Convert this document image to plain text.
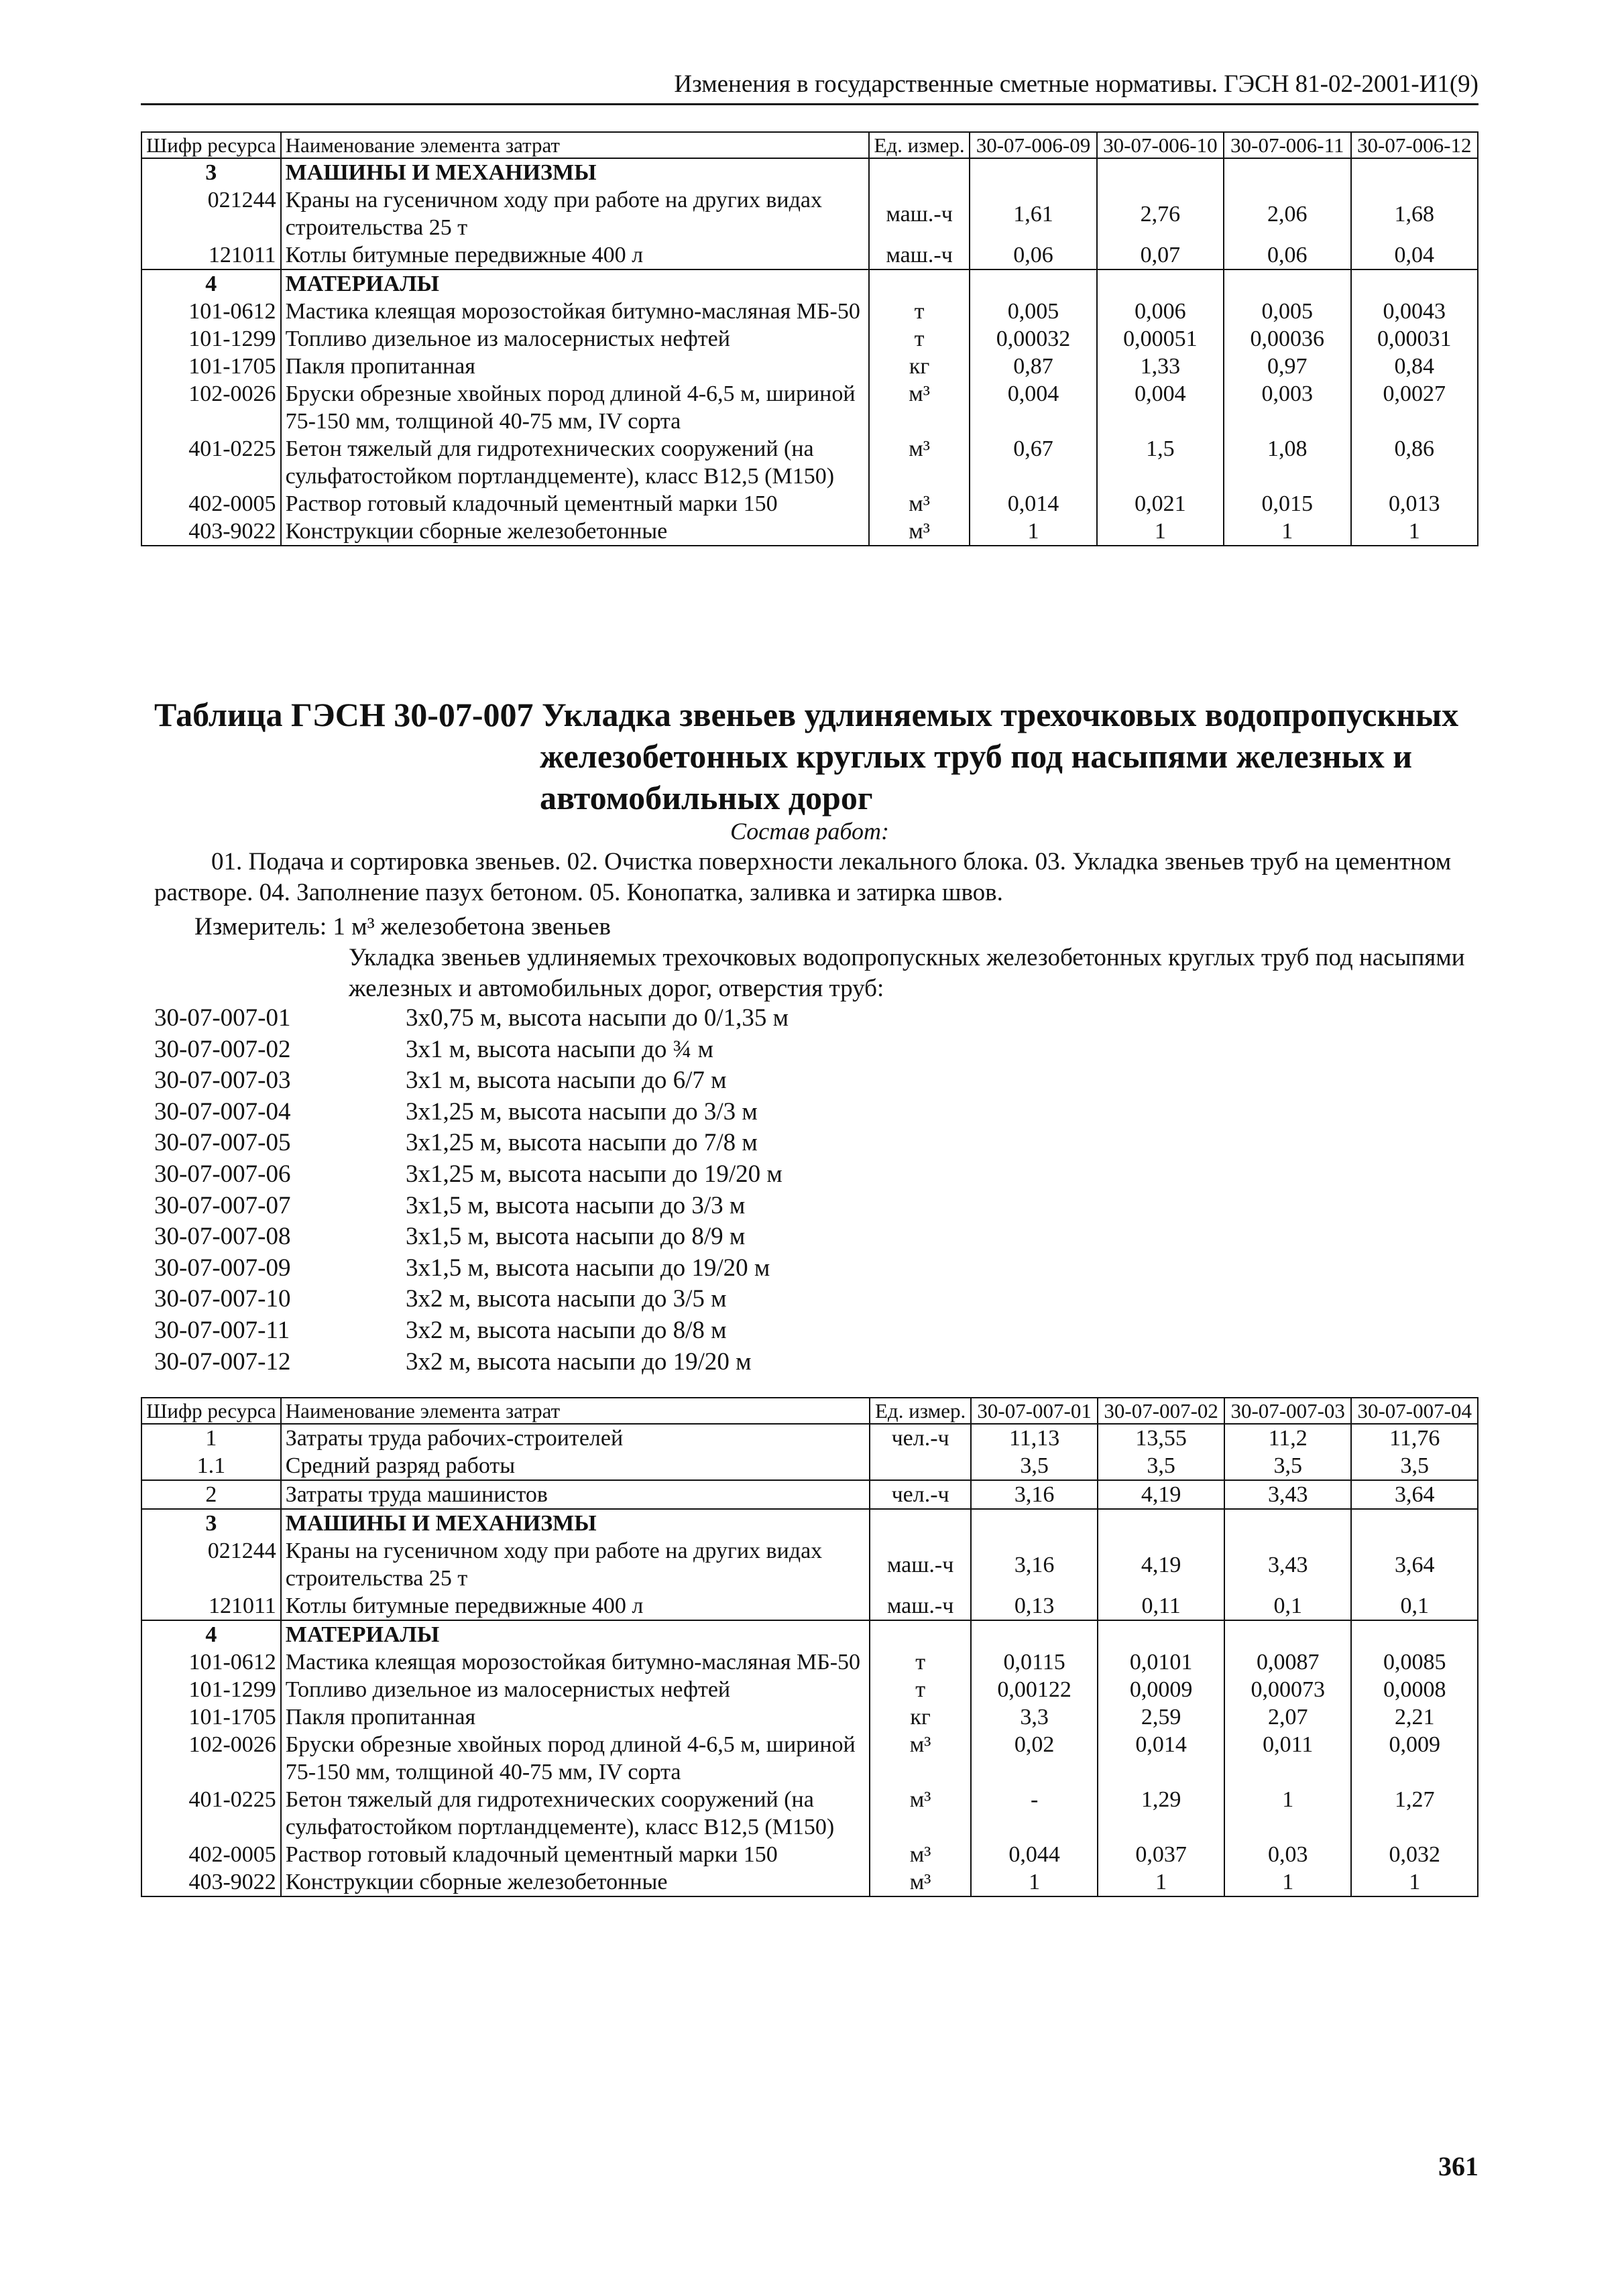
Изменения в государственные сметные нормативы. ГЭСН 81-02-2001-И1(9)
Шифр ресурса	Наименование элемента затрат	Ед. измер.	30-07-006-09	30-07-006-10	30-07-006-11	30-07-006-12
3	МАШИНЫ И МЕХАНИЗМЫ					
021244	Краны на гусеничном ходу при работе на других видах строительства 25 т	маш.-ч	1,61	2,76	2,06	1,68
121011	Котлы битумные передвижные 400 л	маш.-ч	0,06	0,07	0,06	0,04
4	МАТЕРИАЛЫ					
101-0612	Мастика клеящая морозостойкая битумно-масляная МБ-50	т	0,005	0,006	0,005	0,0043
101-1299	Топливо дизельное из малосернистых нефтей	т	0,00032	0,00051	0,00036	0,00031
101-1705	Пакля пропитанная	кг	0,87	1,33	0,97	0,84
102-0026	Бруски обрезные хвойных пород длиной 4-6,5 м, шириной 75-150 мм, толщиной 40-75 мм, IV сорта	м³	0,004	0,004	0,003	0,0027
401-0225	Бетон тяжелый для гидротехнических сооружений (на сульфатостойком портландцементе), класс В12,5 (М150)	м³	0,67	1,5	1,08	0,86
402-0005	Раствор готовый кладочный цементный марки 150	м³	0,014	0,021	0,015	0,013
403-9022	Конструкции сборные железобетонные	м³	1	1	1	1
Таблица ГЭСН 30-07-007 Укладка звеньев удлиняемых трехочковых водопропускных
железобетонных круглых труб под насыпями железных и автомобильных дорог
Состав работ:
01. Подача и сортировка звеньев. 02. Очистка поверхности лекального блока. 03. Укладка звеньев труб на цементном растворе. 04. Заполнение пазух бетоном. 05. Конопатка, заливка и затирка швов.
Измеритель: 1 м³ железобетона звеньев
Укладка звеньев удлиняемых трехочковых водопропускных железобетонных круглых труб под насыпями железных и автомобильных дорог, отверстия труб:
30-07-007-01	3х0,75 м, высота насыпи до 0/1,35 м
30-07-007-02	3х1 м, высота насыпи до ¾ м
30-07-007-03	3х1 м, высота насыпи до 6/7 м
30-07-007-04	3х1,25 м, высота насыпи до 3/3 м
30-07-007-05	3х1,25 м, высота насыпи до 7/8 м
30-07-007-06	3х1,25 м, высота насыпи до 19/20 м
30-07-007-07	3х1,5 м, высота насыпи до 3/3 м
30-07-007-08	3х1,5 м, высота насыпи до 8/9 м
30-07-007-09	3х1,5 м, высота насыпи до 19/20 м
30-07-007-10	3х2 м, высота насыпи до 3/5 м
30-07-007-11	3х2 м, высота насыпи до 8/8 м
30-07-007-12	3х2 м, высота насыпи до 19/20 м
Шифр ресурса	Наименование элемента затрат	Ед. измер.	30-07-007-01	30-07-007-02	30-07-007-03	30-07-007-04
1	Затраты труда рабочих-строителей	чел.-ч	11,13	13,55	11,2	11,76
1.1	Средний разряд работы		3,5	3,5	3,5	3,5
2	Затраты труда машинистов	чел.-ч	3,16	4,19	3,43	3,64
3	МАШИНЫ И МЕХАНИЗМЫ					
021244	Краны на гусеничном ходу при работе на других видах строительства 25 т	маш.-ч	3,16	4,19	3,43	3,64
121011	Котлы битумные передвижные 400 л	маш.-ч	0,13	0,11	0,1	0,1
4	МАТЕРИАЛЫ					
101-0612	Мастика клеящая морозостойкая битумно-масляная МБ-50	т	0,0115	0,0101	0,0087	0,0085
101-1299	Топливо дизельное из малосернистых нефтей	т	0,00122	0,0009	0,00073	0,0008
101-1705	Пакля пропитанная	кг	3,3	2,59	2,07	2,21
102-0026	Бруски обрезные хвойных пород длиной 4-6,5 м, шириной 75-150 мм, толщиной 40-75 мм, IV сорта	м³	0,02	0,014	0,011	0,009
401-0225	Бетон тяжелый для гидротехнических сооружений (на сульфатостойком портландцементе), класс В12,5 (М150)	м³	-	1,29	1	1,27
402-0005	Раствор готовый кладочный цементный марки 150	м³	0,044	0,037	0,03	0,032
403-9022	Конструкции сборные железобетонные	м³	1	1	1	1
361
